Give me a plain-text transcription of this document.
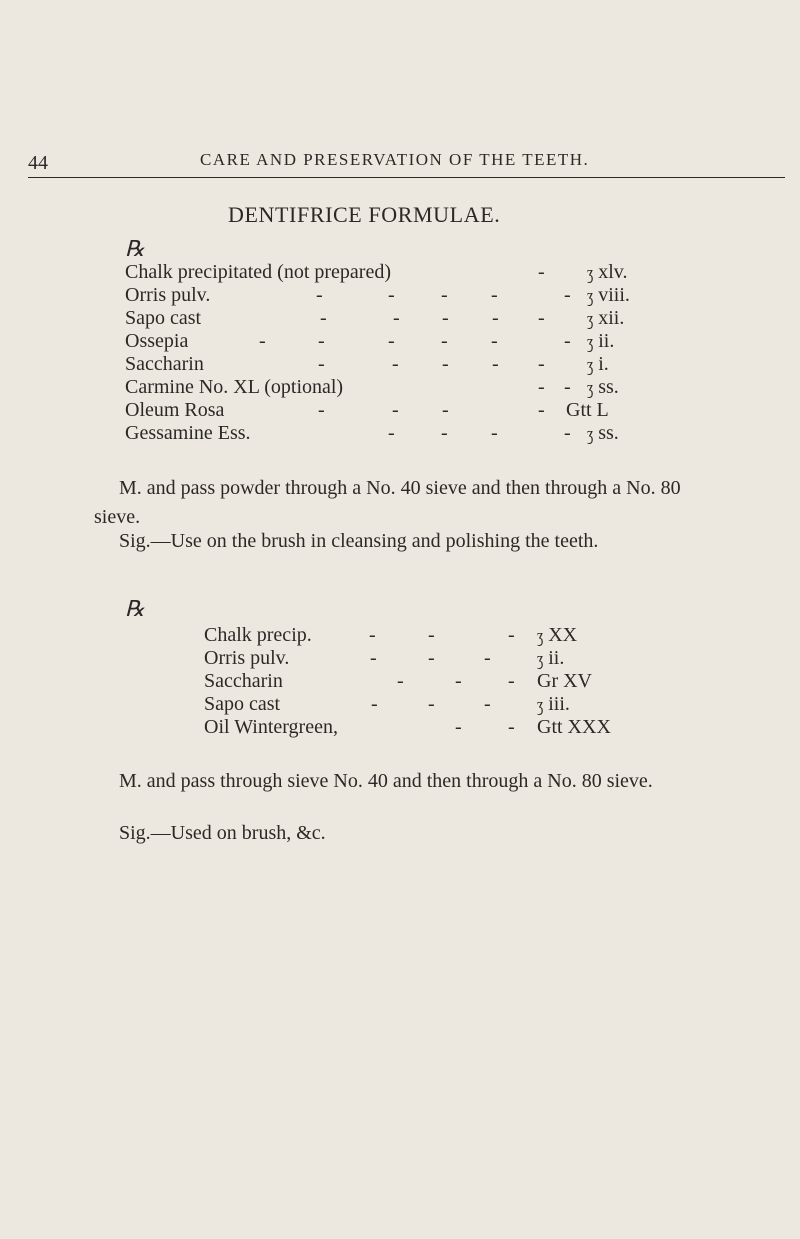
44	CARE AND PRESERVATION OF THE TEETH.
DENTIFRICE FORMULAE.
℞
Chalk precipitated (not prepared)	-	ʒ xlv.
Orris pulv.	-	- - -	- ʒ viii.
Sapo cast	-	- - - -	ʒ xii.
Ossepia	-	-	- - -	- ʒ ii.
Saccharin	-	- - - -	ʒ i.
Carmine No. XL (optional)	- - ʒ ss.
Oleum Rosa	-	- -	- Gtt L
Gessamine Ess.	- - -	- ʒ ss.
M. and pass powder through a No. 40 sieve and then through a No. 80 sieve.
Sig.—Use on the brush in cleansing and polishing the teeth.
℞
Chalk precip.	-	-	- ʒ XX
Orris pulv.	-	- -	ʒ ii.
Saccharin	-	- - Gr XV
Sapo cast	-	- -	ʒ iii.
Oil Wintergreen,	- - Gtt XXX
M. and pass through sieve No. 40 and then through a No. 80 sieve.
Sig.—Used on brush, &c.
